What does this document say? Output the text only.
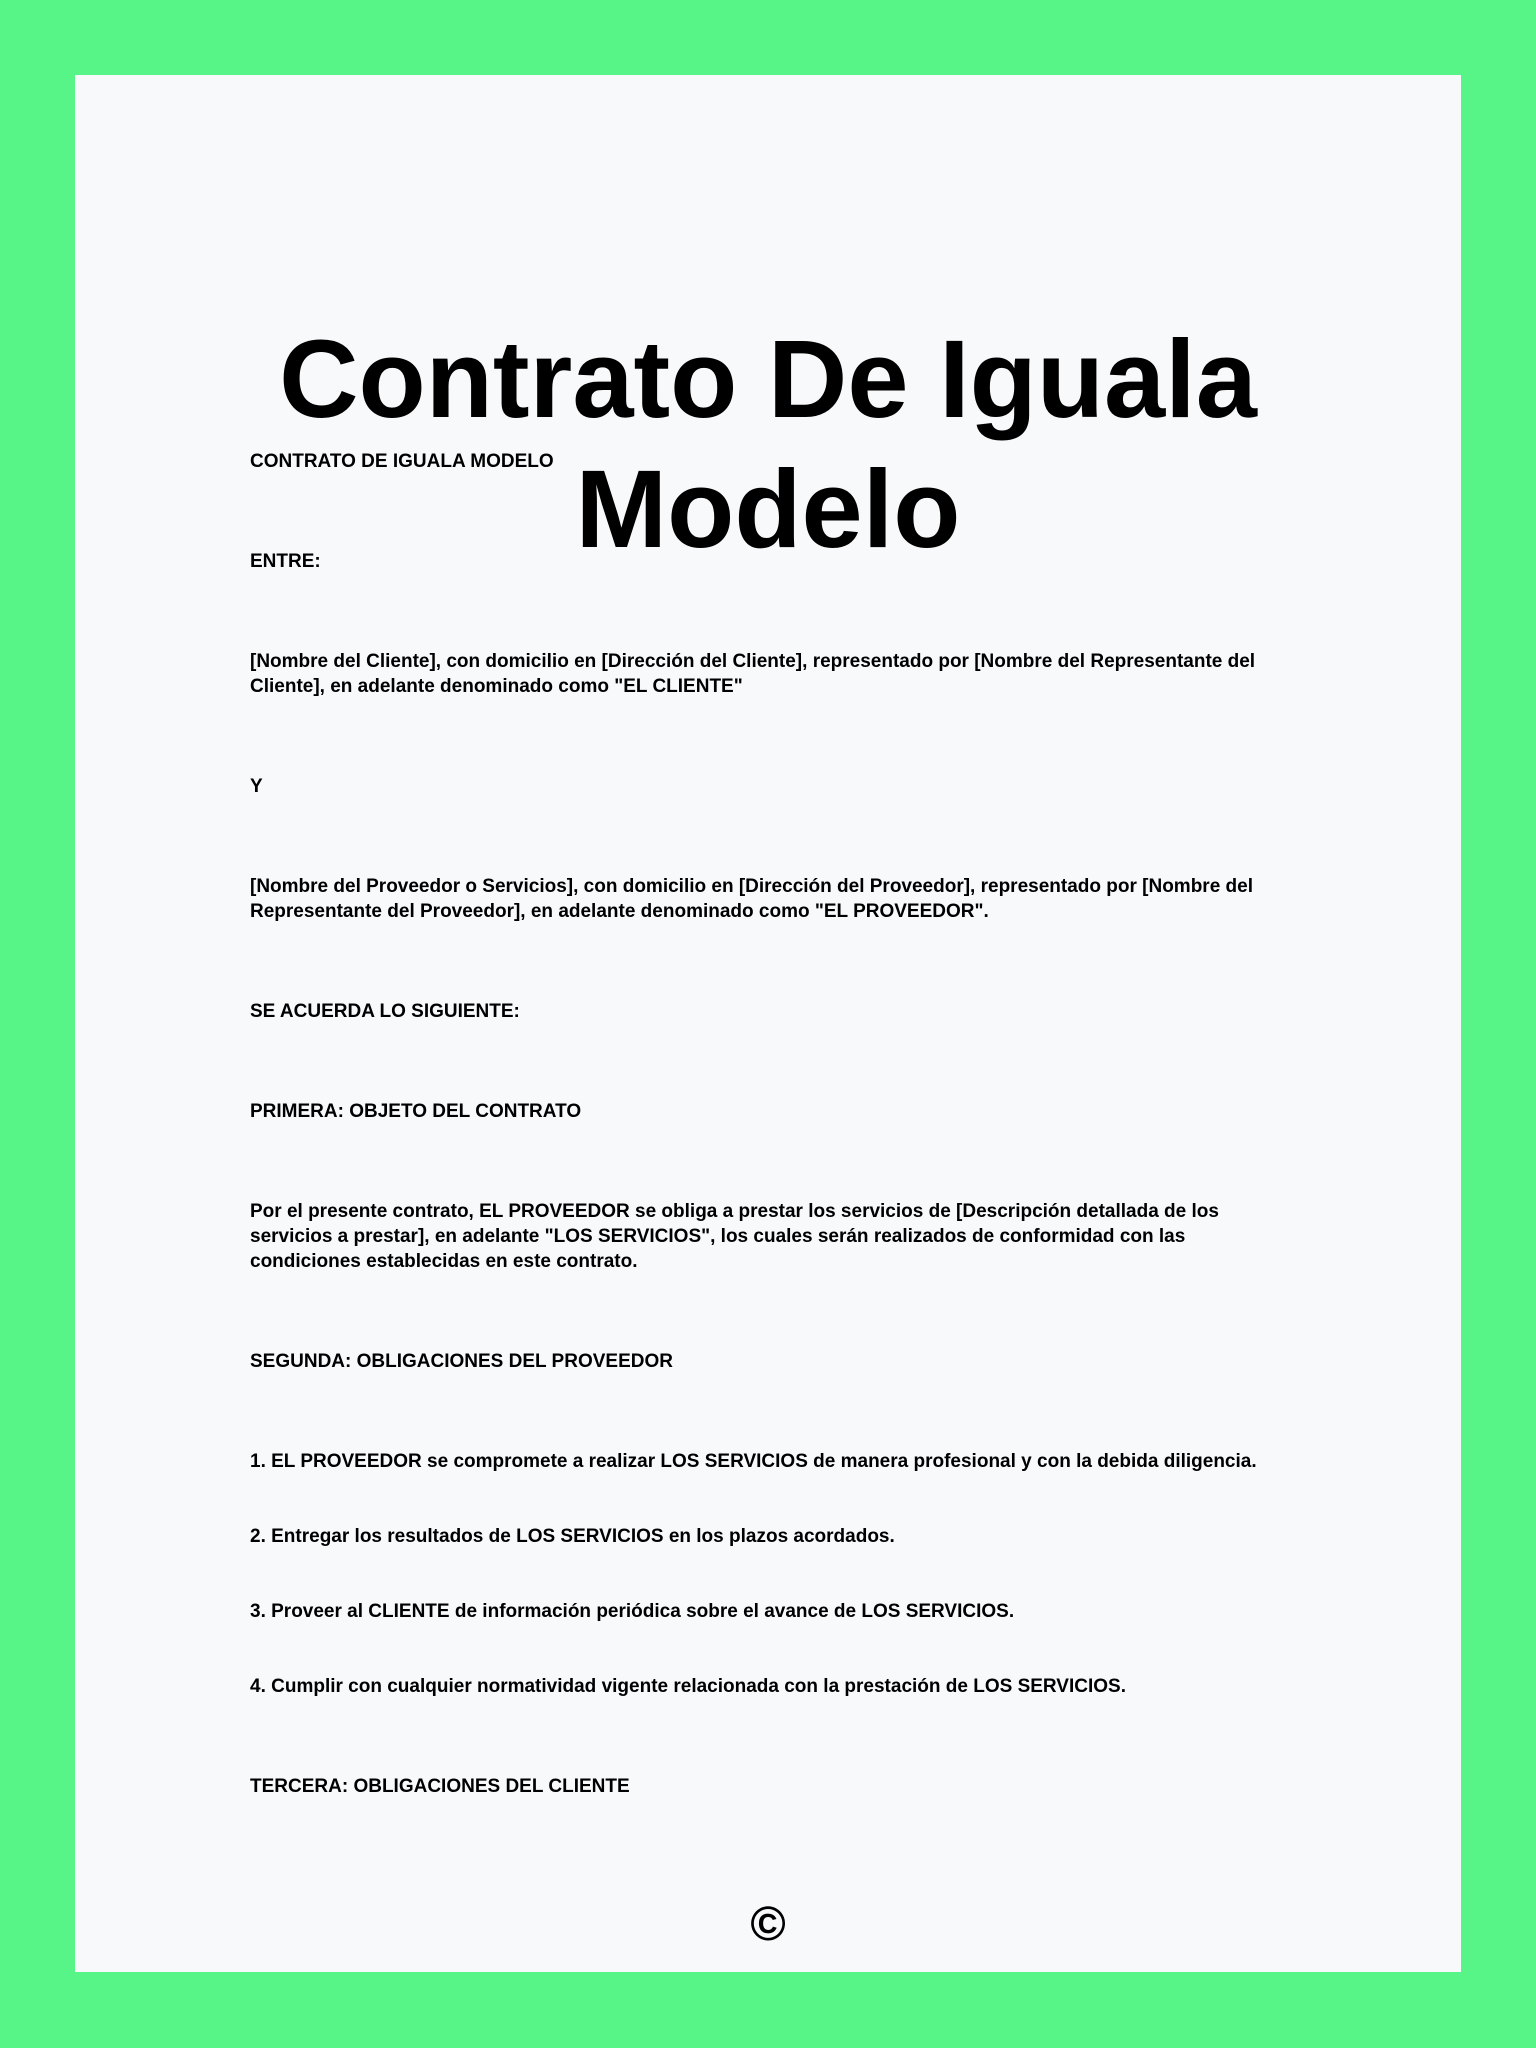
Contrato De Iguala Modelo

CONTRATO DE IGUALA MODELO

ENTRE:

[Nombre del Cliente], con domicilio en [Dirección del Cliente], representado por [Nombre del Representante del Cliente], en adelante denominado como "EL CLIENTE"

Y

[Nombre del Proveedor o Servicios], con domicilio en [Dirección del Proveedor], representado por [Nombre del Representante del Proveedor], en adelante denominado como "EL PROVEEDOR".

SE ACUERDA LO SIGUIENTE:

PRIMERA: OBJETO DEL CONTRATO

Por el presente contrato, EL PROVEEDOR se obliga a prestar los servicios de [Descripción detallada de los servicios a prestar], en adelante "LOS SERVICIOS", los cuales serán realizados de conformidad con las condiciones establecidas en este contrato.

SEGUNDA: OBLIGACIONES DEL PROVEEDOR

1. EL PROVEEDOR se compromete a realizar LOS SERVICIOS de manera profesional y con la debida diligencia.

2. Entregar los resultados de LOS SERVICIOS en los plazos acordados.

3. Proveer al CLIENTE de información periódica sobre el avance de LOS SERVICIOS.

4. Cumplir con cualquier normatividad vigente relacionada con la prestación de LOS SERVICIOS.

TERCERA: OBLIGACIONES DEL CLIENTE

©
